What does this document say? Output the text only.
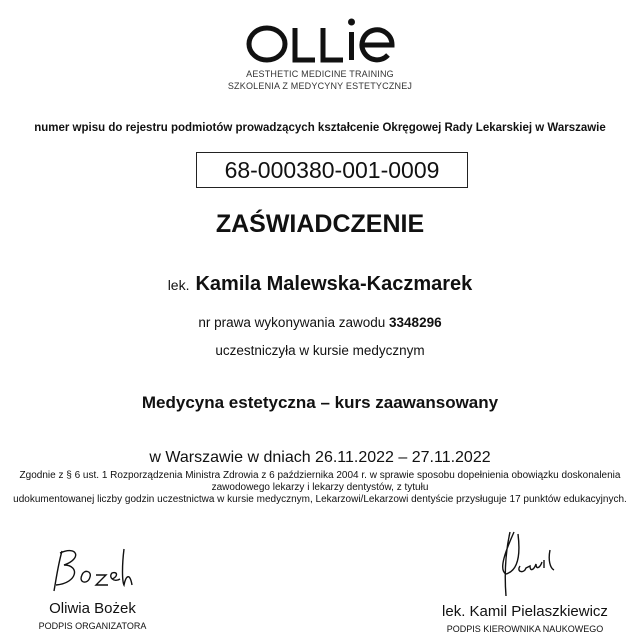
AESTHETIC MEDICINE TRAINING
SZKOLENIA Z MEDYCYNY ESTETYCZNEJ
numer wpisu do rejestru podmiotów prowadzących kształcenie Okręgowej Rady Lekarskiej w Warszawie
68-000380-001-0009
ZAŚWIADCZENIE
lek. Kamila Malewska-Kaczmarek
nr prawa wykonywania zawodu 3348296
uczestniczyła w kursie medycznym
Medycyna estetyczna – kurs zaawansowany
w Warszawie w dniach 26.11.2022 – 27.11.2022
Zgodnie z § 6 ust. 1 Rozporządzenia Ministra Zdrowia z 6 października 2004 r. w sprawie sposobu dopełnienia obowiązku doskonalenia zawodowego lekarzy i lekarzy dentystów, z tytułu
udokumentowanej liczby godzin uczestnictwa w kursie medycznym, Lekarzowi/Lekarzowi dentyście przysługuje 17 punktów edukacyjnych.
Oliwia Bożek
PODPIS ORGANIZATORA
lek. Kamil Pielaszkiewicz
PODPIS KIEROWNIKA NAUKOWEGO
